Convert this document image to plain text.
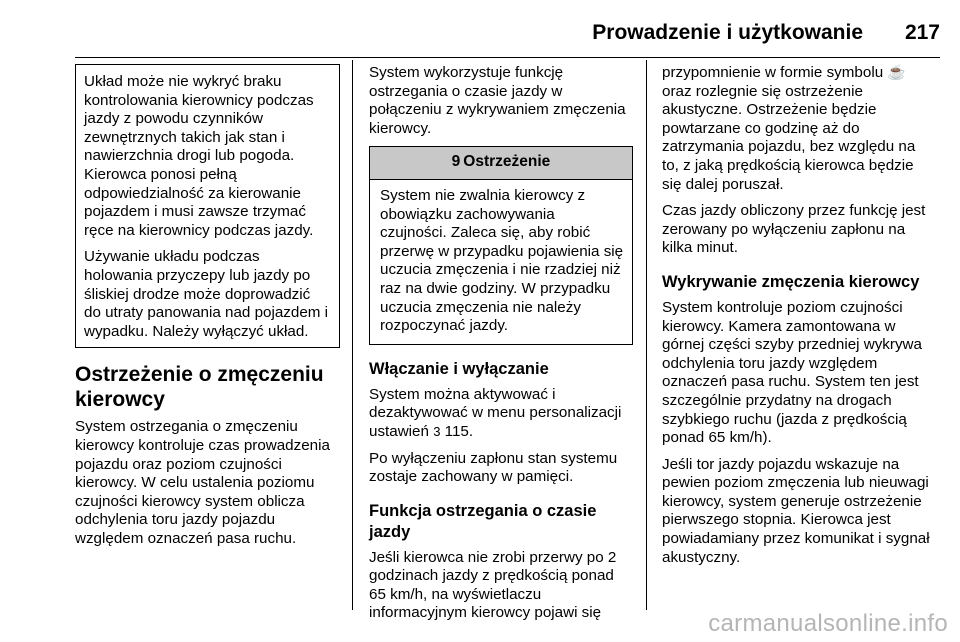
Prowadzenie i użytkowanie 217

Układ może nie wykryć braku kontrolowania kierownicy podczas jazdy z powodu czynników zewnętrznych takich jak stan i nawierzchnia drogi lub pogoda. Kierowca ponosi pełną odpowiedzialność za kierowanie pojazdem i musi zawsze trzymać ręce na kierownicy podczas jazdy.

Używanie układu podczas holowania przyczepy lub jazdy po śliskiej drodze może doprowadzić do utraty panowania nad pojazdem i wypadku. Należy wyłączyć układ.

Ostrzeżenie o zmęczeniu kierowcy

System ostrzegania o zmęczeniu kierowcy kontroluje czas prowadzenia pojazdu oraz poziom czujności kierowcy. W celu ustalenia poziomu czujności kierowcy system oblicza odchylenia toru jazdy pojazdu względem oznaczeń pasa ruchu.

System wykorzystuje funkcję ostrzegania o czasie jazdy w połączeniu z wykrywaniem zmęczenia kierowcy.

9 Ostrzeżenie
System nie zwalnia kierowcy z obowiązku zachowywania czujności. Zaleca się, aby robić przerwę w przypadku pojawienia się uczucia zmęczenia i nie rzadziej niż raz na dwie godziny. W przypadku uczucia zmęczenia nie należy rozpoczynać jazdy.
Włączanie i wyłączanie

System można aktywować i dezaktywować w menu personalizacji ustawień 3 115.

Po wyłączeniu zapłonu stan systemu zostaje zachowany w pamięci.

Funkcja ostrzegania o czasie jazdy

Jeśli kierowca nie zrobi przerwy po 2 godzinach jazdy z prędkością ponad 65 km/h, na wyświetlaczu informacyjnym kierowcy pojawi się

przypomnienie w formie symbolu ☕ oraz rozlegnie się ostrzeżenie akustyczne. Ostrzeżenie będzie powtarzane co godzinę aż do zatrzymania pojazdu, bez względu na to, z jaką prędkością kierowca będzie się dalej poruszał.

Czas jazdy obliczony przez funkcję jest zerowany po wyłączeniu zapłonu na kilka minut.

Wykrywanie zmęczenia kierowcy

System kontroluje poziom czujności kierowcy. Kamera zamontowana w górnej części szyby przedniej wykrywa odchylenia toru jazdy względem oznaczeń pasa ruchu. System ten jest szczególnie przydatny na drogach szybkiego ruchu (jazda z prędkością ponad 65 km/h).

Jeśli tor jazdy pojazdu wskazuje na pewien poziom zmęczenia lub nieuwagi kierowcy, system generuje ostrzeżenie pierwszego stopnia. Kierowca jest powiadamiany przez komunikat i sygnał akustyczny.

carmanualsonline.info
